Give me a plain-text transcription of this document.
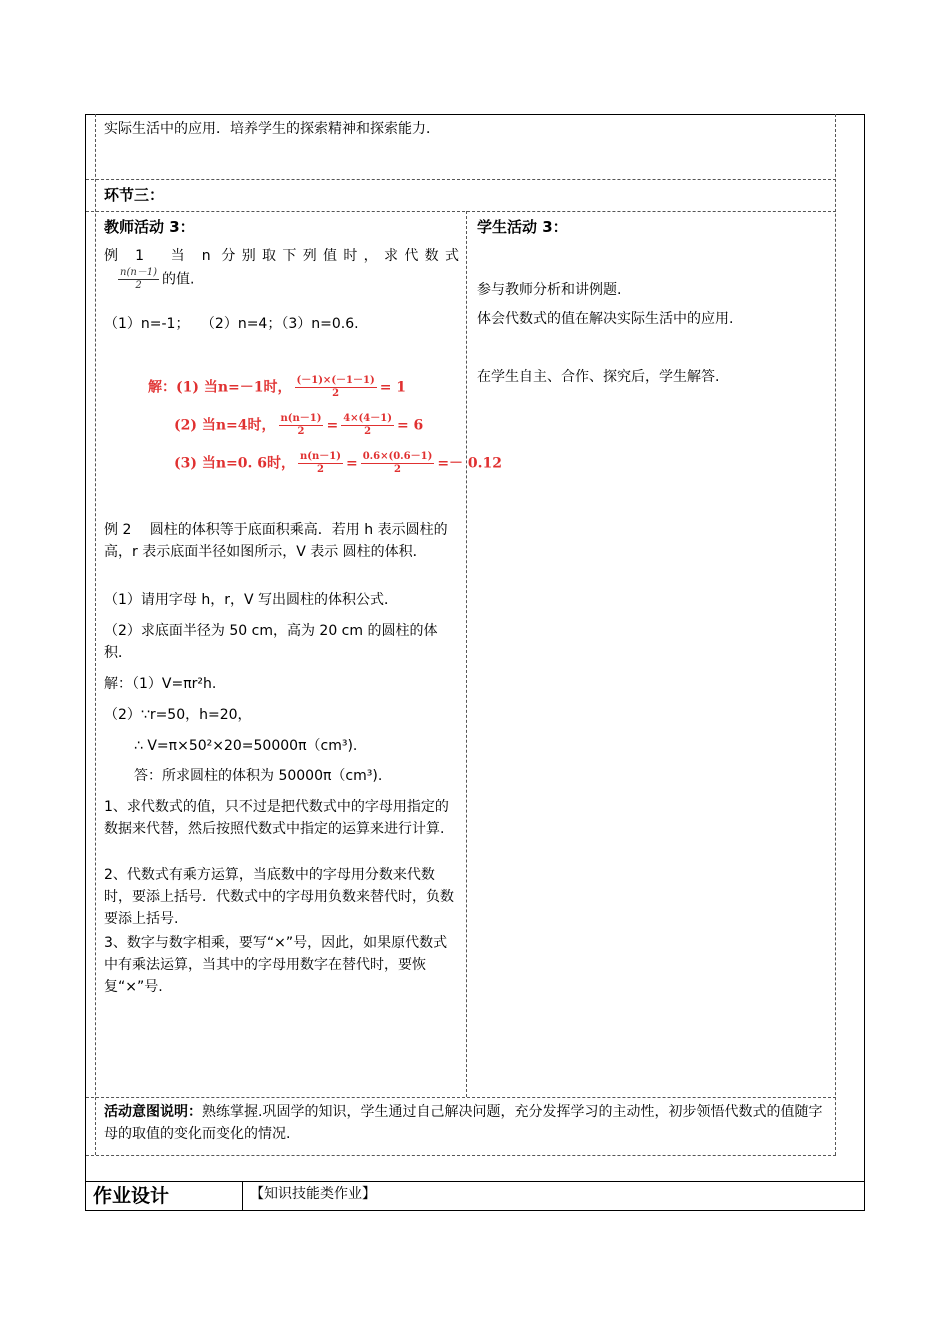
实际生活中的应用．培养学生的探索精神和探索能力．
环节三：
教师活动 3：
例 1　当 n 分别取下列值时，求代数式
$\frac{n(n-1)}{2}$ 的值.
（1）n=-1；　 （2）n=4；（3）n=0.6.
解：(1) 当n=－1时， $\frac{(-1)\times(-1-1)}{2} = 1$
(2) 当n=4时， $\frac{n(n-1)}{2} = \frac{4\times(4-1)}{2} = 6$
(3) 当n=0. 6时， $\frac{n(n-1)}{2} = \frac{0.6\times(0.6-1)}{2} =- 0.12$
例 2　 圆柱的体积等于底面积乘高．若用 h 表示圆柱的高，r 表示底面半径如图所示，V 表示 圆柱的体积．
（1）请用字母 h，r，V 写出圆柱的体积公式．
（2）求底面半径为 50 cm，高为 20 cm 的圆柱的体积．
解：（1）V=πr²h.
（2）∵r=50，h=20，
∴ V=π×50²×20=50000π（cm³).
答：所求圆柱的体积为 50000π（cm³).
1、求代数式的值，只不过是把代数式中的字母用指定的数据来代替，然后按照代数式中指定的运算来进行计算.
2、代数式有乘方运算，当底数中的字母用分数来代数时，要添上括号．代数式中的字母用负数来替代时，负数要添上括号.
3、数字与数字相乘，要写“×”号，因此，如果原代数式中有乘法运算，当其中的字母用数字在替代时，要恢复“×”号.
学生活动 3：
参与教师分析和讲例题.
体会代数式的值在解决实际生活中的应用.
在学生自主、合作、探究后，学生解答.
活动意图说明：熟练掌握.巩固学的知识，学生通过自己解决问题，充分发挥学习的主动性，初步领悟代数式的值随字母的取值的变化而变化的情况.
作业设计	【知识技能类作业】
